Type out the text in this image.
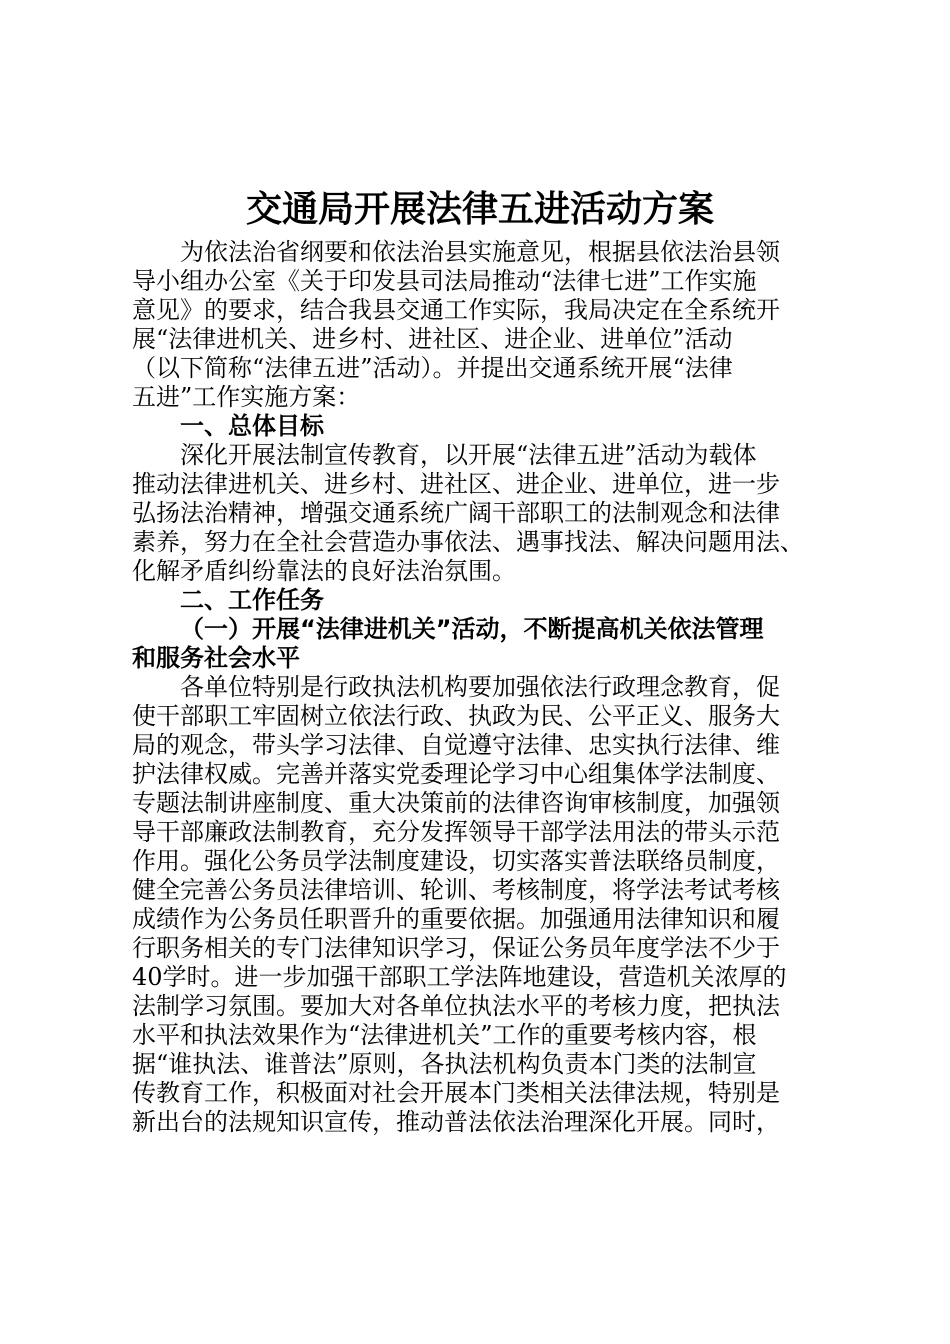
交通局开展法律五进活动方案
为依法治省纲要和依法治县实施意见，根据县依法治县领
导小组办公室《关于印发县司法局推动“法律七进”工作实施
意见》的要求，结合我县交通工作实际，我局决定在全系统开
展“法律进机关、进乡村、进社区、进企业、进单位”活动
（以下简称“法律五进”活动）。并提出交通系统开展“法律
五进”工作实施方案：
一、总体目标
深化开展法制宣传教育，以开展“法律五进”活动为载体
推动法律进机关、进乡村、进社区、进企业、进单位，进一步
弘扬法治精神，增强交通系统广阔干部职工的法制观念和法律
素养，努力在全社会营造办事依法、遇事找法、解决问题用法、
化解矛盾纠纷靠法的良好法治氛围。
二、工作任务
（一）开展“法律进机关”活动，不断提高机关依法管理
和服务社会水平
各单位特别是行政执法机构要加强依法行政理念教育，促
使干部职工牢固树立依法行政、执政为民、公平正义、服务大
局的观念，带头学习法律、自觉遵守法律、忠实执行法律、维
护法律权威。完善并落实党委理论学习中心组集体学法制度、
专题法制讲座制度、重大决策前的法律咨询审核制度，加强领
导干部廉政法制教育，充分发挥领导干部学法用法的带头示范
作用。强化公务员学法制度建设，切实落实普法联络员制度，
健全完善公务员法律培训、轮训、考核制度，将学法考试考核
成绩作为公务员任职晋升的重要依据。加强通用法律知识和履
行职务相关的专门法律知识学习，保证公务员年度学法不少于
40学时。进一步加强干部职工学法阵地建设，营造机关浓厚的
法制学习氛围。要加大对各单位执法水平的考核力度，把执法
水平和执法效果作为“法律进机关”工作的重要考核内容，根
据“谁执法、谁普法”原则，各执法机构负责本门类的法制宣
传教育工作，积极面对社会开展本门类相关法律法规，特别是
新出台的法规知识宣传，推动普法依法治理深化开展。同时，
